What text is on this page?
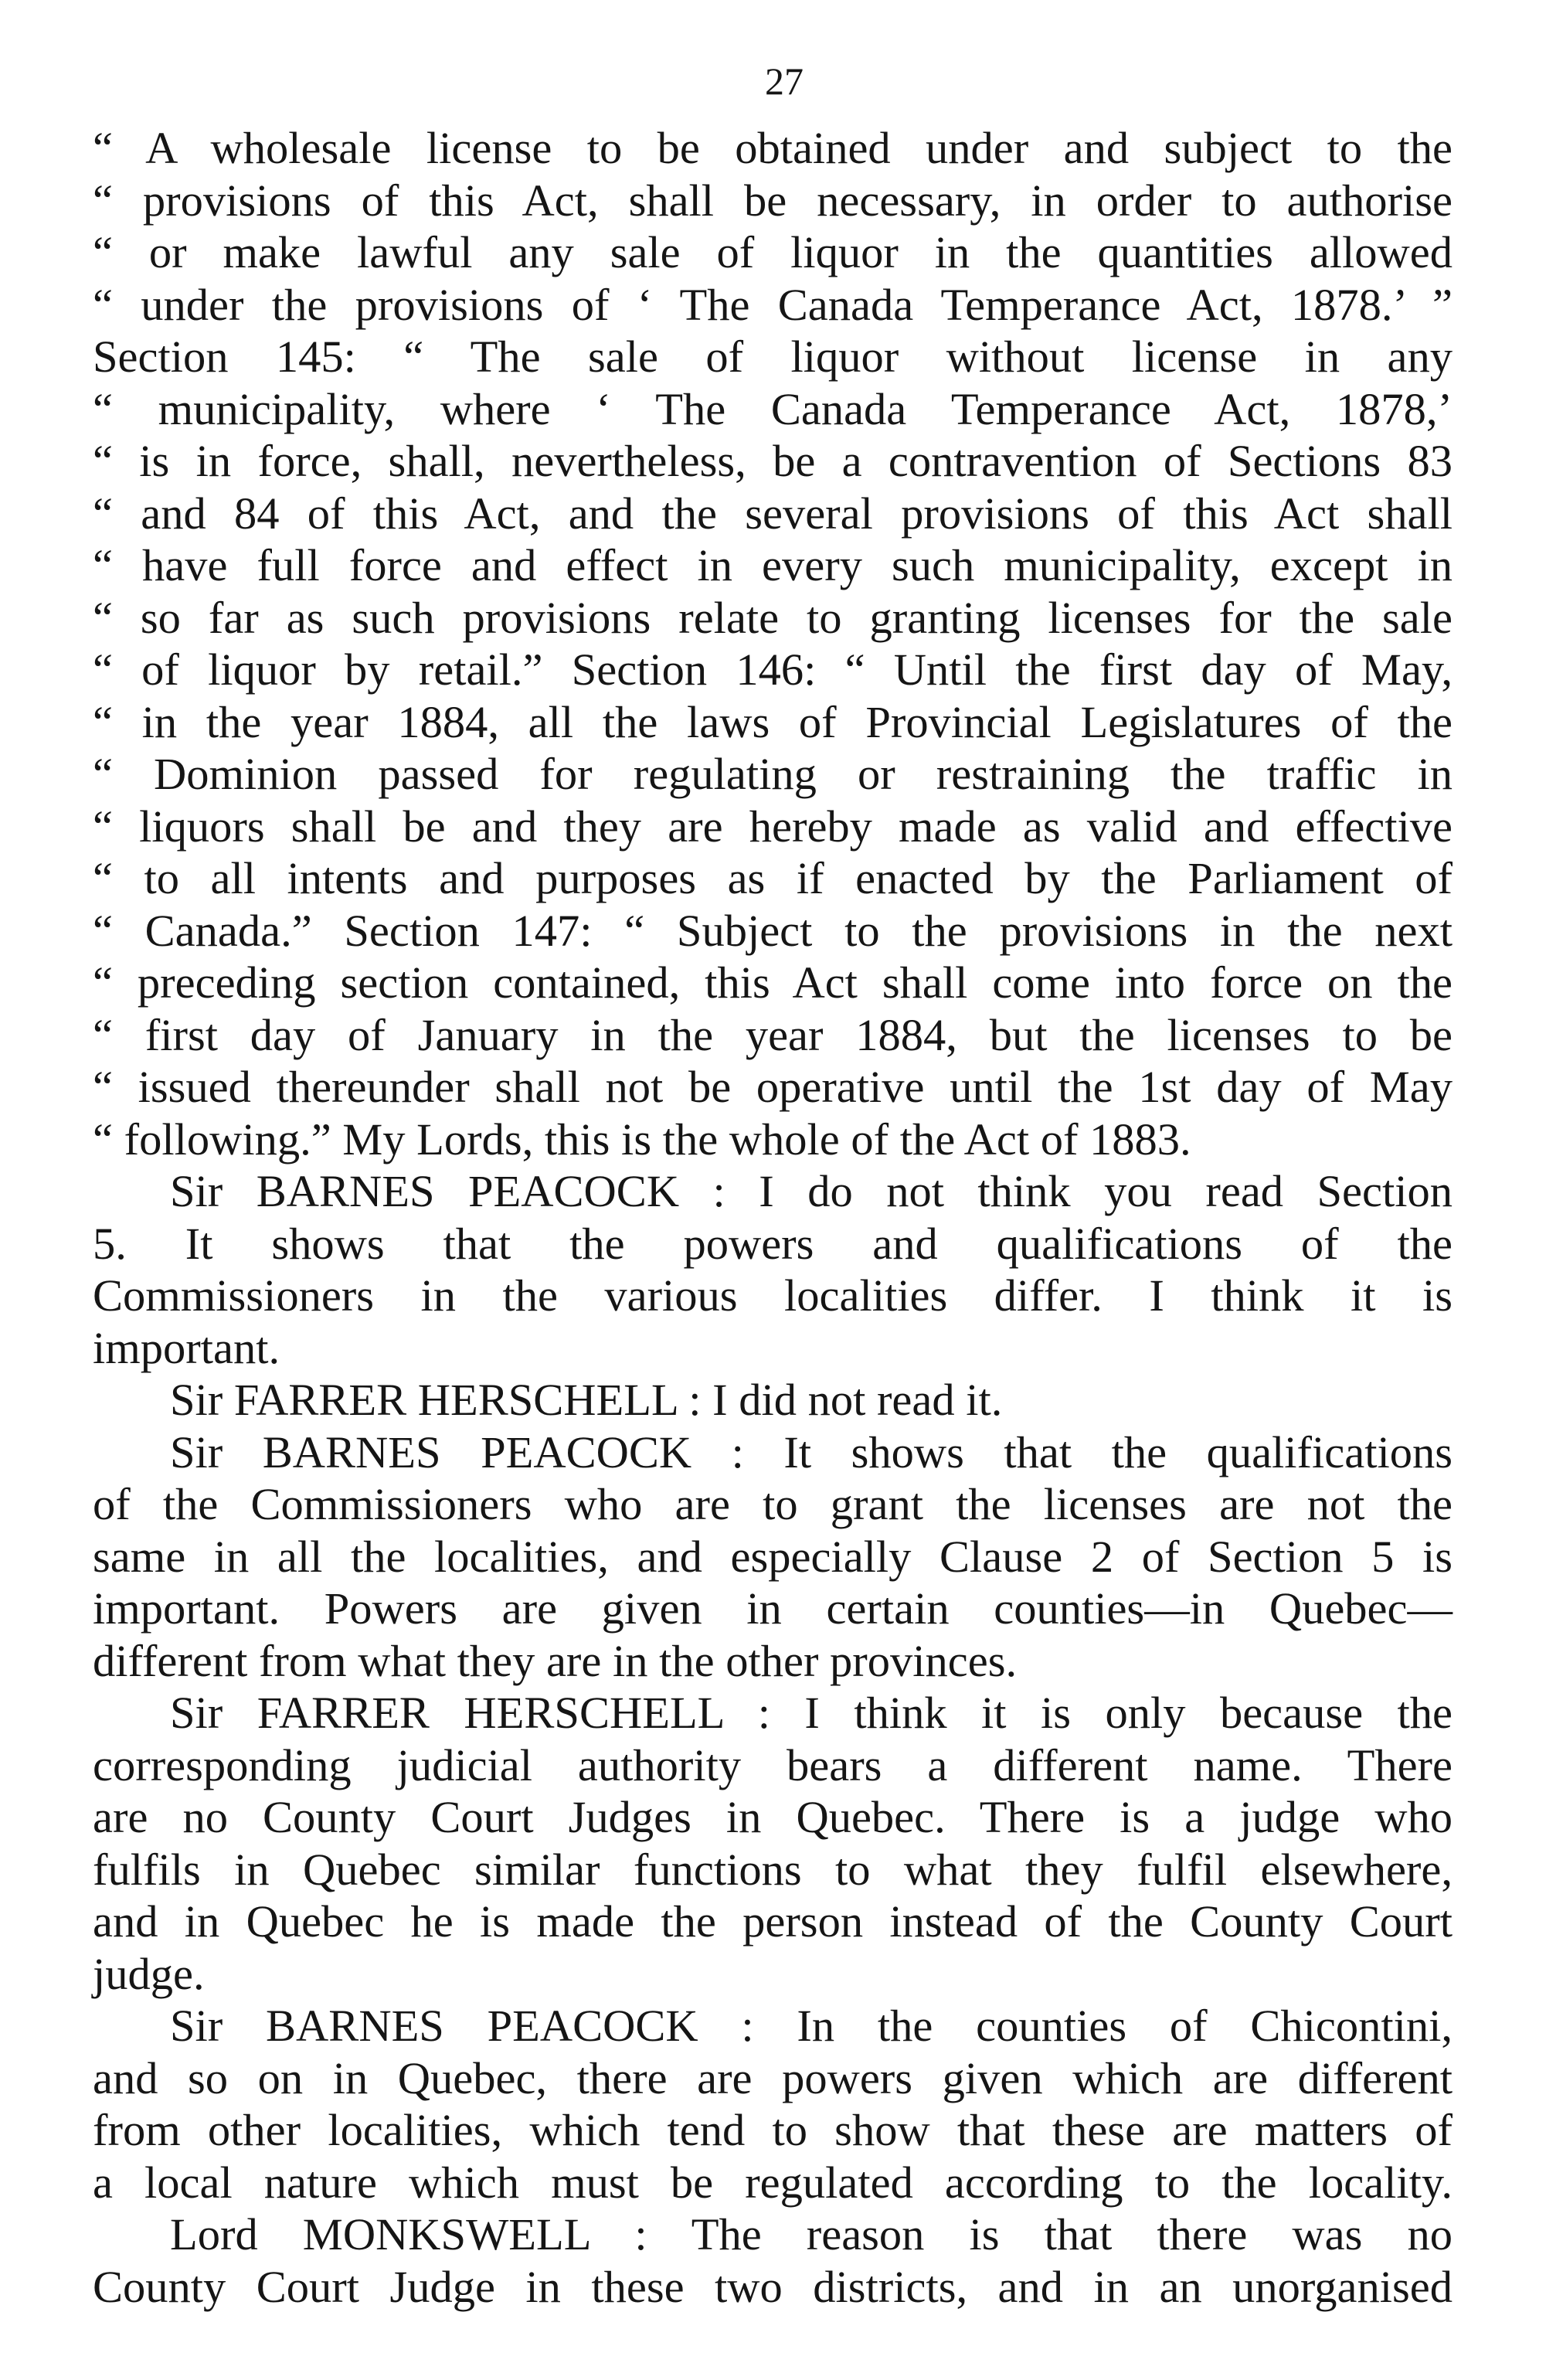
27
“ A wholesale license to be obtained under and subject to the
“ provisions of this Act, shall be necessary, in order to authorise
“ or make lawful any sale of liquor in the quantities allowed
“ under the provisions of ‘ The Canada Temperance Act, 1878.’ ”
Section 145: “ The sale of liquor without license in any
“ municipality, where ‘ The Canada Temperance Act, 1878,’
“ is in force, shall, nevertheless, be a contravention of Sections 83
“ and 84 of this Act, and the several provisions of this Act shall
“ have full force and effect in every such municipality, except in
“ so far as such provisions relate to granting licenses for the sale
“ of liquor by retail.” Section 146: “ Until the first day of May,
“ in the year 1884, all the laws of Provincial Legislatures of the
“ Dominion passed for regulating or restraining the traffic in
“ liquors shall be and they are hereby made as valid and effective
“ to all intents and purposes as if enacted by the Parliament of
“ Canada.” Section 147: “ Subject to the provisions in the next
“ preceding section contained, this Act shall come into force on the
“ first day of January in the year 1884, but the licenses to be
“ issued thereunder shall not be operative until the 1st day of May
“ following.” My Lords, this is the whole of the Act of 1883.
Sir BARNES PEACOCK : I do not think you read Section
5. It shows that the powers and qualifications of the
Commissioners in the various localities differ. I think it is
important.
Sir FARRER HERSCHELL : I did not read it.
Sir BARNES PEACOCK : It shows that the qualifications
of the Commissioners who are to grant the licenses are not the
same in all the localities, and especially Clause 2 of Section 5 is
important. Powers are given in certain counties—in Quebec—
different from what they are in the other provinces.
Sir FARRER HERSCHELL : I think it is only because the
corresponding judicial authority bears a different name. There
are no County Court Judges in Quebec. There is a judge who
fulfils in Quebec similar functions to what they fulfil elsewhere,
and in Quebec he is made the person instead of the County Court
judge.
Sir BARNES PEACOCK : In the counties of Chicontini,
and so on in Quebec, there are powers given which are different
from other localities, which tend to show that these are matters of
a local nature which must be regulated according to the locality.
Lord MONKSWELL : The reason is that there was no
County Court Judge in these two districts, and in an unorganised
